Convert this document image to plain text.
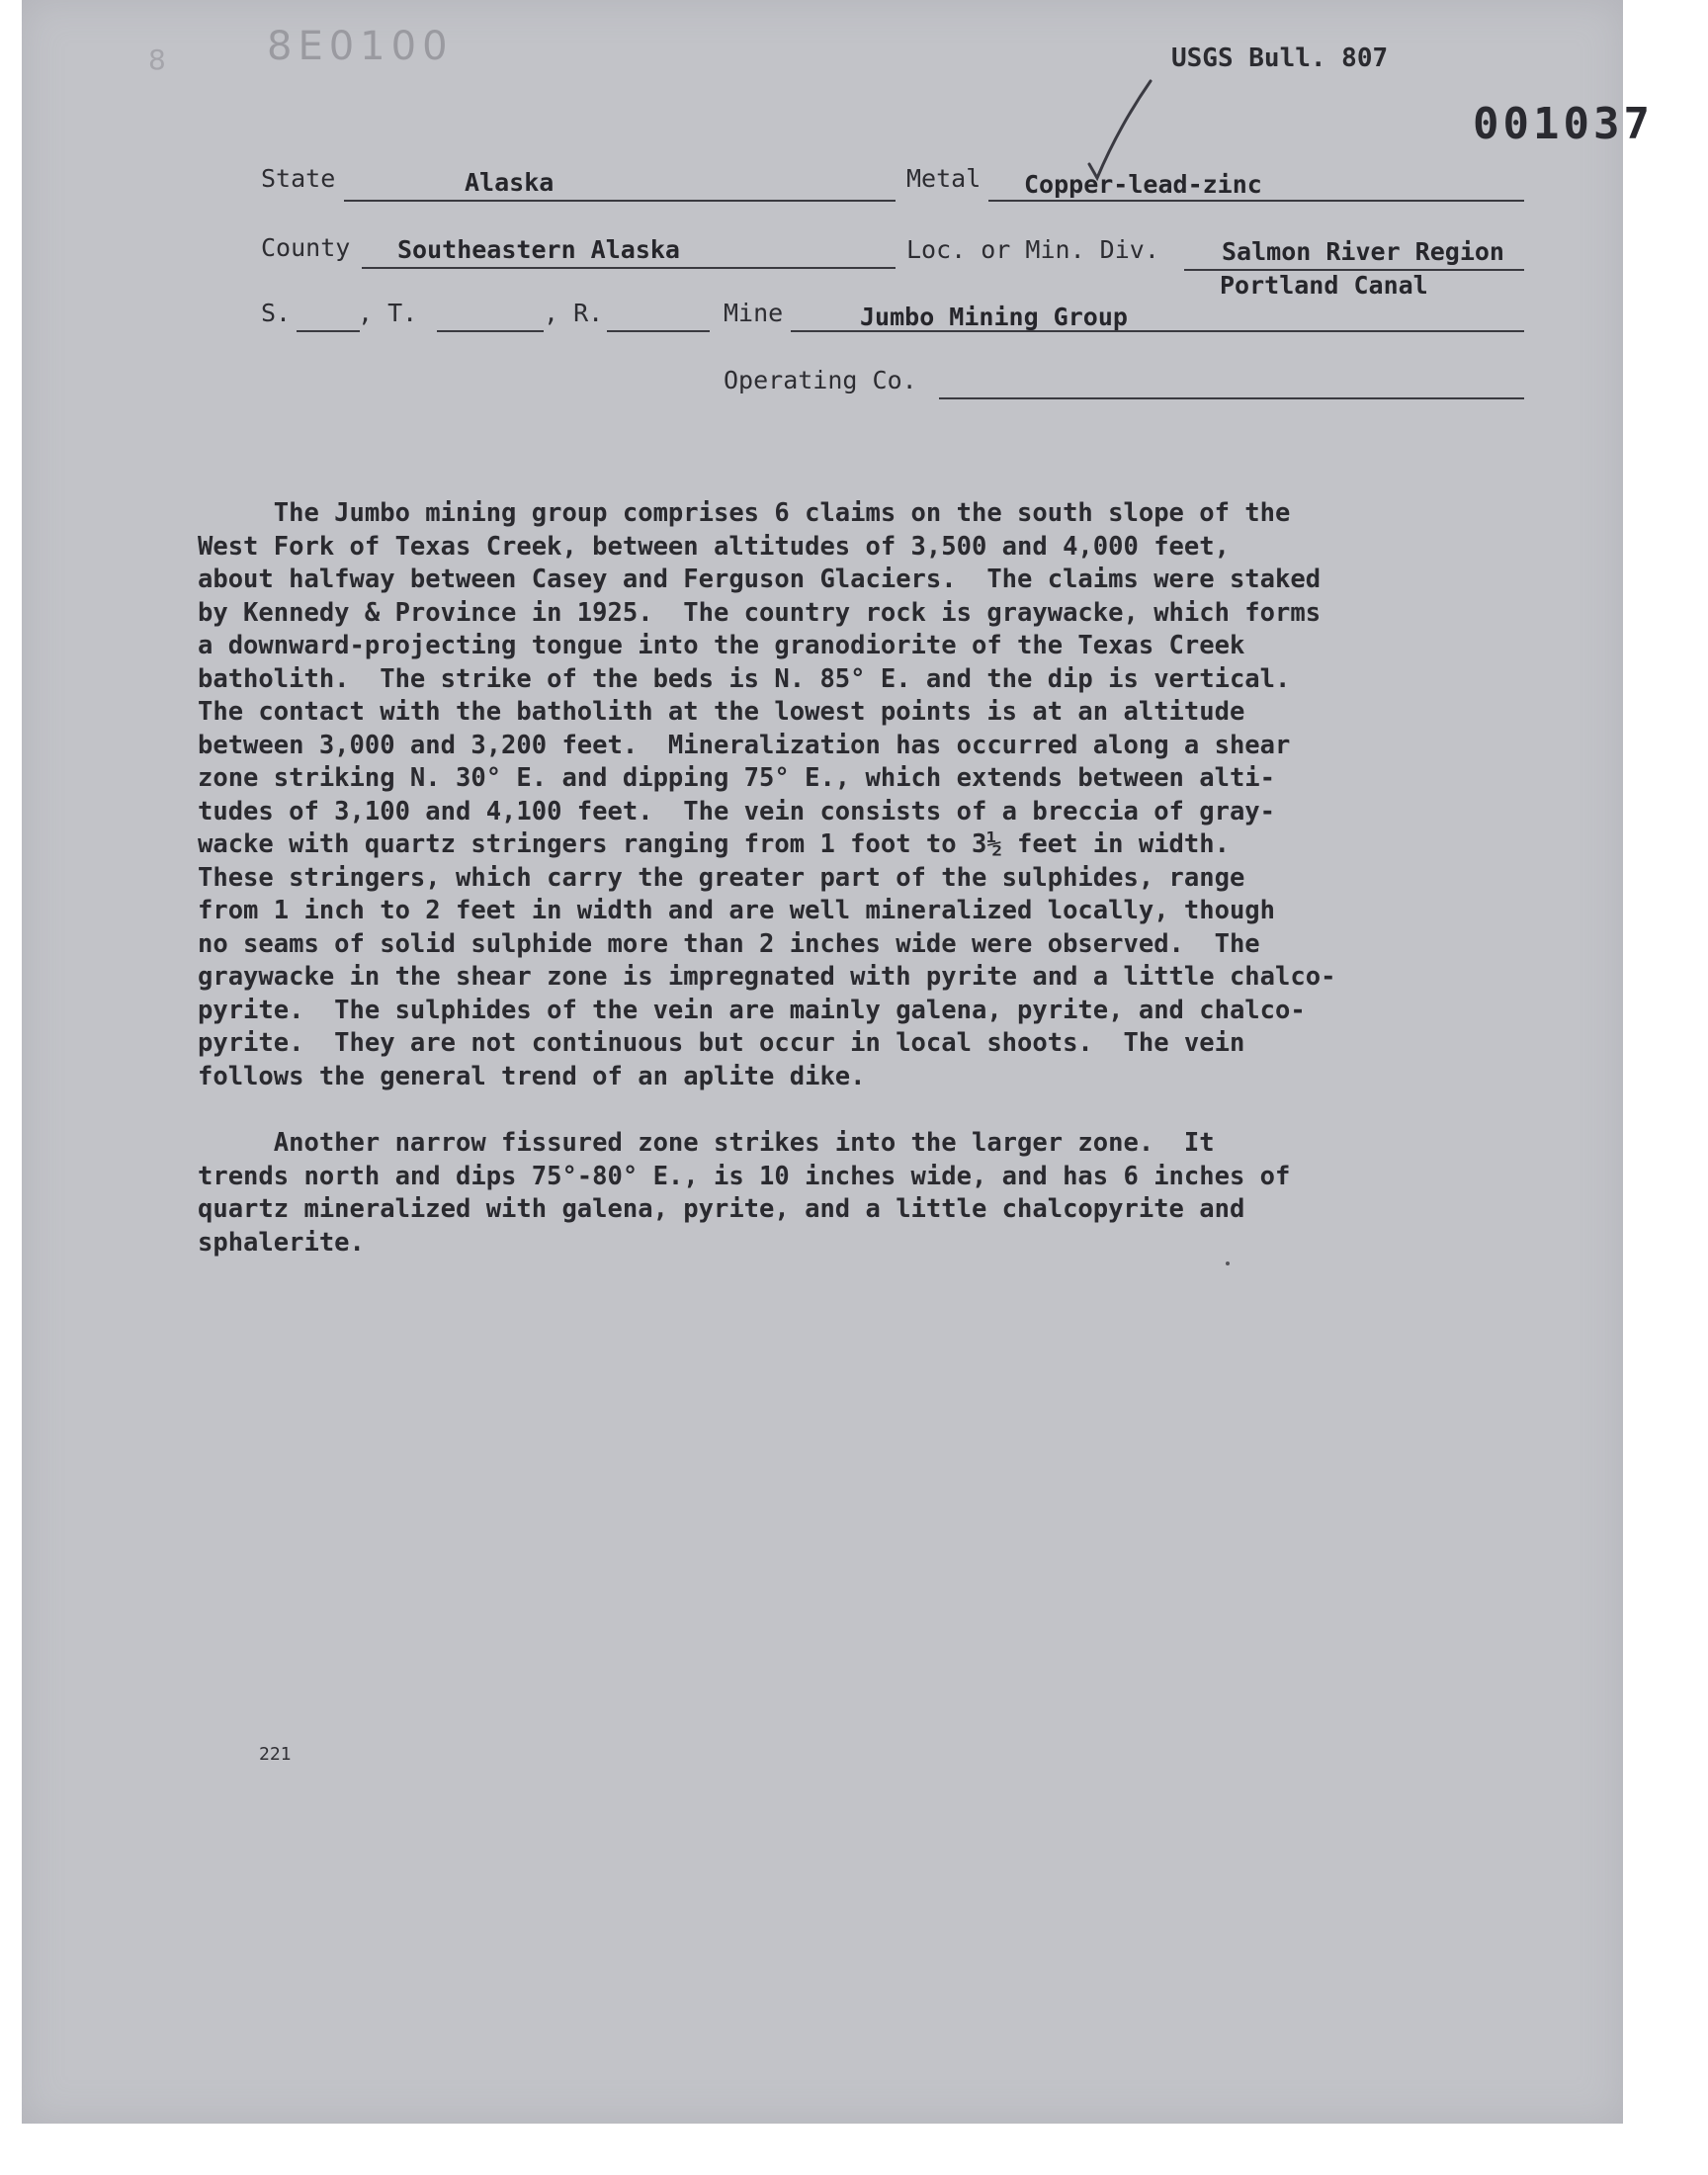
8E0100
8	USGS Bull. 807
001037
State	Alaska	Metal Copper-lead-zinc
County Southeastern Alaska	Loc. or Min. Div.	Salmon River Region
Portland Canal
S.	, T.	, R.	Mine	Jumbo Mining Group
Operating Co.
The Jumbo mining group comprises 6 claims on the south slope of the
West Fork of Texas Creek, between altitudes of 3,500 and 4,000 feet,
about halfway between Casey and Ferguson Glaciers.  The claims were staked
by Kennedy & Province in 1925.  The country rock is graywacke, which forms
a downward-projecting tongue into the granodiorite of the Texas Creek
batholith.  The strike of the beds is N. 85° E. and the dip is vertical.
The contact with the batholith at the lowest points is at an altitude
between 3,000 and 3,200 feet.  Mineralization has occurred along a shear
zone striking N. 30° E. and dipping 75° E., which extends between alti-
tudes of 3,100 and 4,100 feet.  The vein consists of a breccia of gray-
wacke with quartz stringers ranging from 1 foot to 3½ feet in width.
These stringers, which carry the greater part of the sulphides, range
from 1 inch to 2 feet in width and are well mineralized locally, though
no seams of solid sulphide more than 2 inches wide were observed.  The
graywacke in the shear zone is impregnated with pyrite and a little chalco-
pyrite.  The sulphides of the vein are mainly galena, pyrite, and chalco-
pyrite.  They are not continuous but occur in local shoots.  The vein
follows the general trend of an aplite dike.
Another narrow fissured zone strikes into the larger zone.  It
trends north and dips 75°-80° E., is 10 inches wide, and has 6 inches of
quartz mineralized with galena, pyrite, and a little chalcopyrite and
sphalerite.
221
